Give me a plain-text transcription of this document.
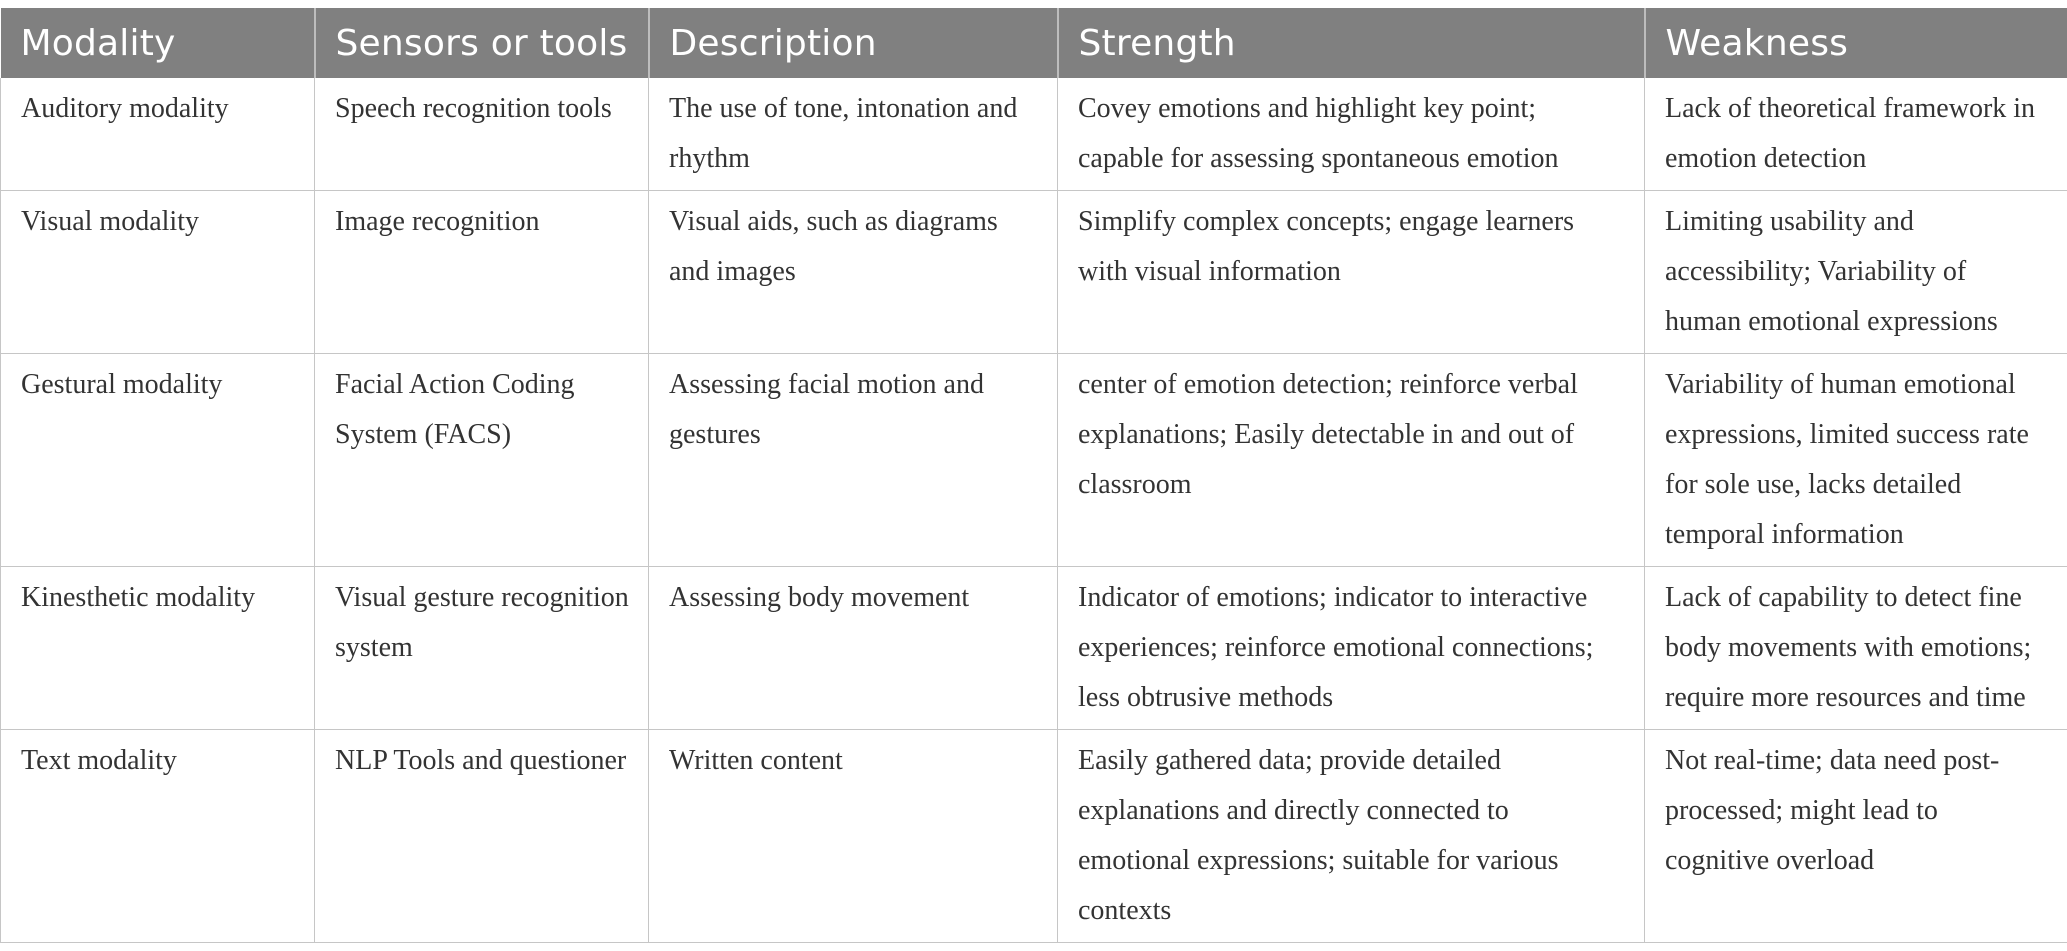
Modality	Sensors or tools	Description	Strength	Weakness
Auditory modality	Speech recognition tools	The use of tone, intonation and rhythm	Covey emotions and highlight key point; capable for assessing spontaneous emotion	Lack of theoretical framework in emotion detection
Visual modality	Image recognition	Visual aids, such as diagrams and images	Simplify complex concepts; engage learners with visual information	Limiting usability and accessibility; Variability of human emotional expressions
Gestural modality	Facial Action Coding System (FACS)	Assessing facial motion and gestures	center of emotion detection; reinforce verbal explanations; Easily detectable in and out of classroom	Variability of human emotional expressions, limited success rate for sole use, lacks detailed temporal information
Kinesthetic modality	Visual gesture recognition system	Assessing body movement	Indicator of emotions; indicator to interactive experiences; reinforce emotional connections; less obtrusive methods	Lack of capability to detect fine body movements with emotions; require more resources and time
Text modality	NLP Tools and questioner	Written content	Easily gathered data; provide detailed explanations and directly connected to emotional expressions; suitable for various contexts	Not real-time; data need post-processed; might lead to cognitive overload
